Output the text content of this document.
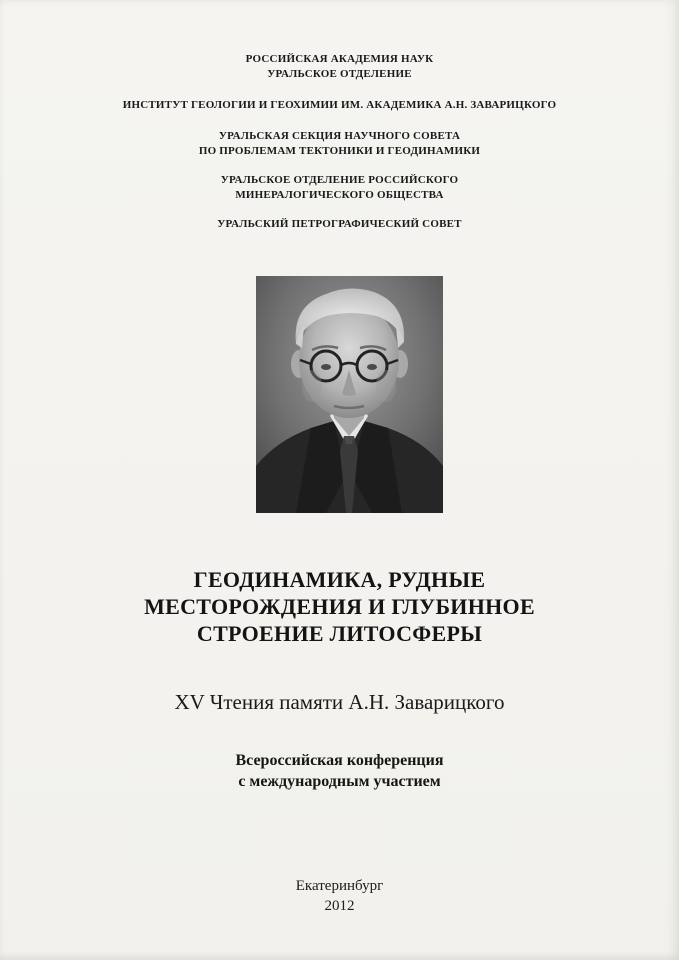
РОССИЙСКАЯ АКАДЕМИЯ НАУК
УРАЛЬСКОЕ ОТДЕЛЕНИЕ
ИНСТИТУТ ГЕОЛОГИИ И ГЕОХИМИИ ИМ. АКАДЕМИКА А.Н. ЗАВАРИЦКОГО
УРАЛЬСКАЯ СЕКЦИЯ НАУЧНОГО СОВЕТА
ПО ПРОБЛЕМАМ ТЕКТОНИКИ И ГЕОДИНАМИКИ
УРАЛЬСКОЕ ОТДЕЛЕНИЕ РОССИЙСКОГО
МИНЕРАЛОГИЧЕСКОГО ОБЩЕСТВА
УРАЛЬСКИЙ ПЕТРОГРАФИЧЕСКИЙ СОВЕТ
ГЕОДИНАМИКА, РУДНЫЕ
МЕСТОРОЖДЕНИЯ И ГЛУБИННОЕ
СТРОЕНИЕ ЛИТОСФЕРЫ
XV Чтения памяти А.Н. Заварицкого
Всероссийская конференция
с международным участием
Екатеринбург
2012
